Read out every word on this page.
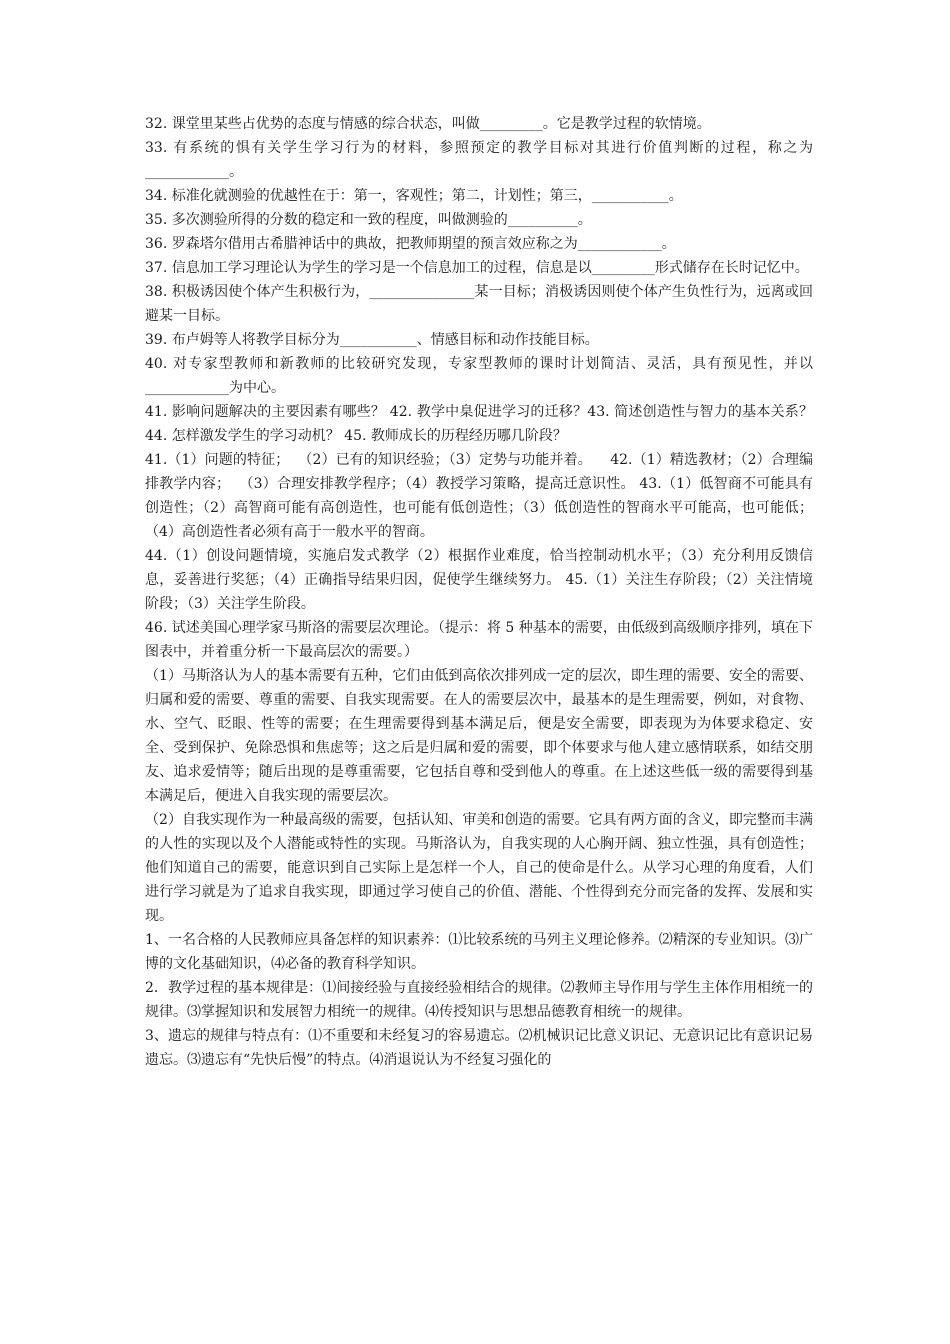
32. 课堂里某些占优势的态度与情感的综合状态，叫做_________。它是教学过程的软情境。

33. 有系统的惧有关学生学习行为的材料，参照预定的教学目标对其进行价值判断的过程，称之为____________。

34. 标准化就测验的优越性在于：第一，客观性；第二，计划性；第三，___________。

35. 多次测验所得的分数的稳定和一致的程度，叫做测验的__________。

36. 罗森塔尔借用古希腊神话中的典故，把教师期望的预言效应称之为____________。

37. 信息加工学习理论认为学生的学习是一个信息加工的过程，信息是以_________形式储存在长时记忆中。

38. 积极诱因使个体产生积极行为，_______________某一目标；消极诱因则使个体产生负性行为，远离或回避某一目标。

39. 布卢姆等人将教学目标分为___________、情感目标和动作技能目标。

40. 对专家型教师和新教师的比较研究发现，专家型教师的课时计划简洁、灵活，具有预见性，并以____________为中心。

41. 影响问题解决的主要因素有哪些？ 42. 教学中臬促进学习的迁移？43. 简述创造性与智力的基本关系？44. 怎样激发学生的学习动机？ 45. 教师成长的历程经历哪几阶段？

41.（1）问题的特征；  （2）已有的知识经验；（3）定势与功能并着。    42.（1）精选教材；（2）合理编排教学内容；  （3）合理安排教学程序；（4）教授学习策略，提高迁意识性。 43.（1）低智商不可能具有创造性；（2）高智商可能有高创造性，也可能有低创造性；（3）低创造性的智商水平可能高，也可能低；（4）高创造性者必须有高于一般水平的智商。

44.（1）创设问题情境，实施启发式教学（2）根据作业难度，恰当控制动机水平；（3）充分利用反馈信息，妥善进行奖惩；（4）正确指导结果归因，促使学生继续努力。 45.（1）关注生存阶段；（2）关注情境阶段；（3）关注学生阶段。

46. 试述美国心理学家马斯洛的需要层次理论。（提示：将 5 种基本的需要，由低级到高级顺序排列，填在下图表中，并着重分析一下最高层次的需要。）

（1）马斯洛认为人的基本需要有五种，它们由低到高依次排列成一定的层次，即生理的需要、安全的需要、归属和爱的需要、尊重的需要、自我实现需要。在人的需要层次中，最基本的是生理需要，例如，对食物、水、空气、眨眼、性等的需要；在生理需要得到基本满足后，便是安全需要，即表现为为体要求稳定、安全、受到保护、免除恐惧和焦虑等；这之后是归属和爱的需要，即个体要求与他人建立感情联系，如结交朋友、追求爱情等；随后出现的是尊重需要，它包括自尊和受到他人的尊重。在上述这些低一级的需要得到基本满足后，便进入自我实现的需要层次。

（2）自我实现作为一种最高级的需要，包括认知、审美和创造的需要。它具有两方面的含义，即完整而丰满的人性的实现以及个人潜能或特性的实现。马斯洛认为，自我实现的人心胸开阔、独立性强，具有创造性；他们知道自己的需要，能意识到自己实际上是怎样一个人，自己的使命是什么。从学习心理的角度看，人们进行学习就是为了追求自我实现，即通过学习使自己的价值、潜能、个性得到充分而完备的发挥、发展和实现。

1、一名合格的人民教师应具备怎样的知识素养：⑴比较系统的马列主义理论修养。⑵精深的专业知识。⑶广博的文化基础知识，⑷必备的教育科学知识。

2．教学过程的基本规律是：⑴间接经验与直接经验相结合的规律。⑵教师主导作用与学生主体作用相统一的规律。⑶掌握知识和发展智力相统一的规律。⑷传授知识与思想品德教育相统一的规律。

3、遗忘的规律与特点有：⑴不重要和未经复习的容易遗忘。⑵机械识记比意义识记、无意识记比有意识记易遗忘。⑶遗忘有“先快后慢”的特点。⑷消退说认为不经复习强化的
